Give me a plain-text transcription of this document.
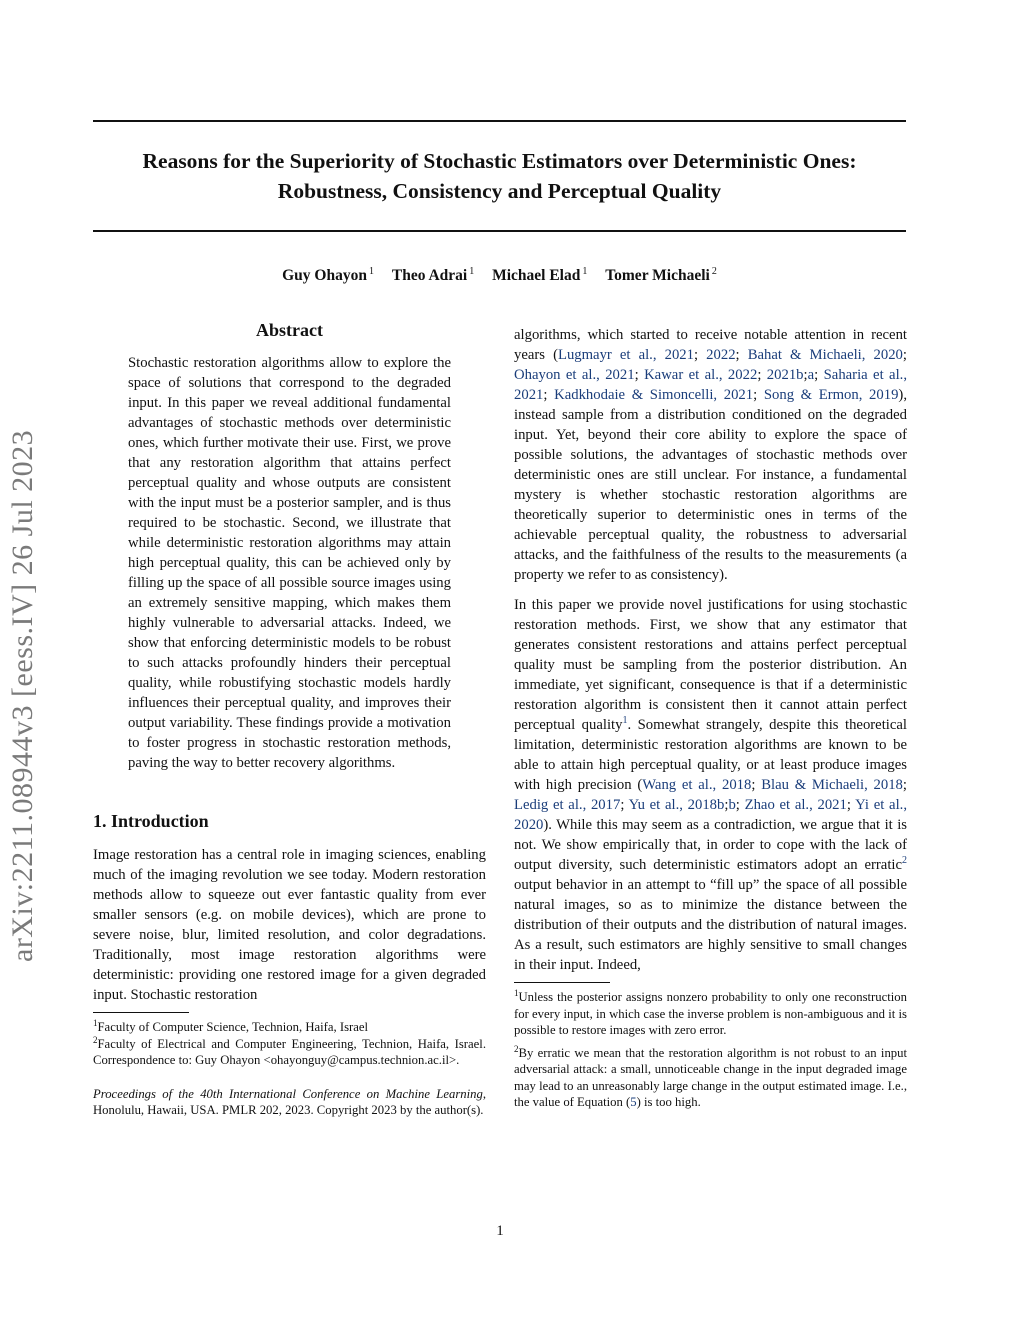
Reasons for the Superiority of Stochastic Estimators over Deterministic Ones:
Robustness, Consistency and Perceptual Quality
Guy Ohayon $^1$ Theo Adrai $^1$ Michael Elad $^1$ Tomer Michaeli $^2$
arXiv:2211.08944v3 [eess.IV] 26 Jul 2023
Abstract

Stochastic restoration algorithms allow to explore the space of solutions that correspond to the degraded input. In this paper we reveal additional fundamental advantages of stochastic methods over deterministic ones, which further motivate their use. First, we prove that any restoration algorithm that attains perfect perceptual quality and whose outputs are consistent with the input must be a posterior sampler, and is thus required to be stochastic. Second, we illustrate that while deterministic restoration algorithms may attain high perceptual quality, this can be achieved only by filling up the space of all possible source images using an extremely sensitive mapping, which makes them highly vulnerable to adversarial attacks. Indeed, we show that enforcing deterministic models to be robust to such attacks profoundly hinders their perceptual quality, while robustifying stochastic models hardly influences their perceptual quality, and improves their output variability. These findings provide a motivation to foster progress in stochastic restoration methods, paving the way to better recovery algorithms.

1. Introduction

Image restoration has a central role in imaging sciences, enabling much of the imaging revolution we see today. Modern restoration methods allow to squeeze out ever fantastic quality from ever smaller sensors (e.g. on mobile devices), which are prone to severe noise, blur, limited resolution, and color degradations. Traditionally, most image restoration algorithms were deterministic: providing one restored image for a given degraded input. Stochastic restoration

$^1$Faculty of Computer Science, Technion, Haifa, Israel

$^2$Faculty of Electrical and Computer Engineering, Technion, Haifa, Israel. Correspondence to: Guy Ohayon <ohayonguy@campus.technion.ac.il>.

Proceedings of the 40th International Conference on Machine Learning, Honolulu, Hawaii, USA. PMLR 202, 2023. Copyright 2023 by the author(s).

algorithms, which started to receive notable attention in recent years (Lugmayr et al., 2021; 2022; Bahat & Michaeli, 2020; Ohayon et al., 2021; Kawar et al., 2022; 2021b;a; Saharia et al., 2021; Kadkhodaie & Simoncelli, 2021; Song & Ermon, 2019), instead sample from a distribution conditioned on the degraded input. Yet, beyond their core ability to explore the space of possible solutions, the advantages of stochastic methods over deterministic ones are still unclear. For instance, a fundamental mystery is whether stochastic restoration algorithms are theoretically superior to deterministic ones in terms of the achievable perceptual quality, the robustness to adversarial attacks, and the faithfulness of the results to the measurements (a property we refer to as consistency).

In this paper we provide novel justifications for using stochastic restoration methods. First, we show that any estimator that generates consistent restorations and attains perfect perceptual quality must be sampling from the posterior distribution. An immediate, yet significant, consequence is that if a deterministic restoration algorithm is consistent then it cannot attain perfect perceptual quality$^1$. Somewhat strangely, despite this theoretical limitation, deterministic restoration algorithms are known to be able to attain high perceptual quality, or at least produce images with high precision (Wang et al., 2018; Blau & Michaeli, 2018; Ledig et al., 2017; Yu et al., 2018b;b; Zhao et al., 2021; Yi et al., 2020). While this may seem as a contradiction, we argue that it is not. We show empirically that, in order to cope with the lack of output diversity, such deterministic estimators adopt an erratic$^2$ output behavior in an attempt to “fill up” the space of all possible natural images, so as to minimize the distance between the distribution of their outputs and the distribution of natural images. As a result, such estimators are highly sensitive to small changes in their input. Indeed,

$^1$Unless the posterior assigns nonzero probability to only one reconstruction for every input, in which case the inverse problem is non-ambiguous and it is possible to restore images with zero error.

$^2$By erratic we mean that the restoration algorithm is not robust to an input adversarial attack: a small, unnoticeable change in the input degraded image may lead to an unreasonably large change in the output estimated image. I.e., the value of Equation (5) is too high.

1
